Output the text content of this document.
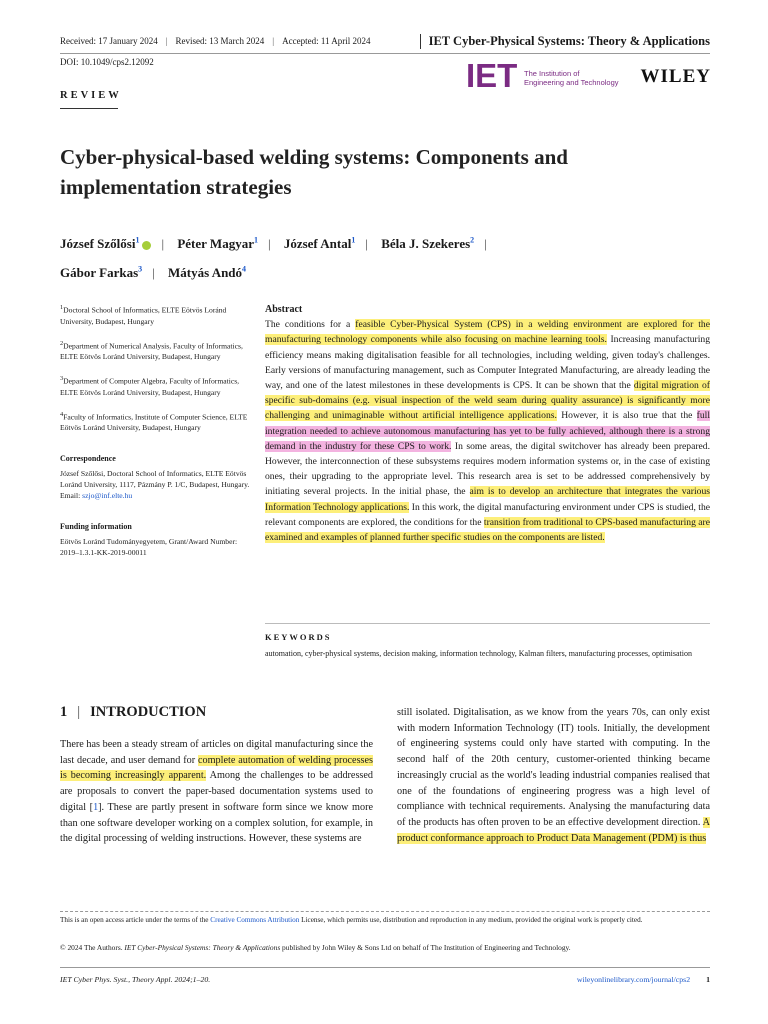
Received: 17 January 2024 | Revised: 13 March 2024 | Accepted: 11 April 2024	IET Cyber-Physical Systems: Theory & Applications
DOI: 10.1049/cps2.12092	IET The Institution of
Engineering and Technology WILEY
REVIEW
Cyber-physical-based welding systems: Components and implementation strategies
József Szőlősi$^1$ | Péter Magyar$^1$ | József Antal$^1$ | Béla J. Szekeres$^2$ |
Gábor Farkas$^3$ | Mátyás Andó$^4$

$^1$Doctoral School of Informatics, ELTE Eötvös Loránd University, Budapest, Hungary

$^2$Department of Numerical Analysis, Faculty of Informatics, ELTE Eötvös Loránd University, Budapest, Hungary

$^3$Department of Computer Algebra, Faculty of Informatics, ELTE Eötvös Loránd University, Budapest, Hungary

$^4$Faculty of Informatics, Institute of Computer Science, ELTE Eötvös Loránd University, Budapest, Hungary

Correspondence

József Szőlősi, Doctoral School of Informatics, ELTE Eötvös Loránd University, 1117, Pázmány P. 1/C, Budapest, Hungary.
Email: szjo@inf.elte.hu

Funding information

Eötvös Loránd Tudományegyetem, Grant/Award Number: 2019–1.3.1-KK-2019-00011

Abstract
The conditions for a feasible Cyber-Physical System (CPS) in a welding environment are explored for the manufacturing technology components while also focusing on machine learning tools. Increasing manufacturing efficiency means making digitalisation feasible for all technologies, including welding, given today's challenges. Early versions of manufacturing management, such as Computer Integrated Manufacturing, are already leading the way, and one of the latest milestones in these developments is CPS. It can be shown that the digital migration of specific sub-domains (e.g. visual inspection of the weld seam during quality assurance) is significantly more challenging and unimaginable without artificial intelligence applications. However, it is also true that the full integration needed to achieve autonomous manufacturing has yet to be fully achieved, although there is a strong demand in the industry for these CPS to work. In some areas, the digital switchover has already been prepared. However, the interconnection of these subsystems requires modern information systems or, in the case of existing ones, their upgrading to the appropriate level. This research area is set to be addressed comprehensively by initiating several projects. In the initial phase, the aim is to develop an architecture that integrates the various Information Technology applications. In this work, the digital manufacturing environment under CPS is studied, the relevant components are explored, the conditions for the transition from traditional to CPS-based manufacturing are examined and examples of planned further specific studies on the components are listed.
KEYWORDS
automation, cyber-physical systems, decision making, information technology, Kalman filters, manufacturing processes, optimisation
1 | INTRODUCTION
There has been a steady stream of articles on digital manufacturing since the last decade, and user demand for complete automation of welding processes is becoming increasingly apparent. Among the challenges to be addressed are proposals to convert the paper-based documentation systems used to digital [1]. These are partly present in software form since we know more than one software developer working on a complex solution, for example, in the digital processing of welding instructions. However, these systems are
still isolated. Digitalisation, as we know from the years 70s, can only exist with modern Information Technology (IT) tools. Initially, the development of engineering systems could only have started with computing. In the second half of the 20th century, customer-oriented thinking became increasingly crucial as the world's leading industrial companies realised that one of the foundations of engineering progress was a high level of compliance with technical requirements. Analysing the manufacturing data of the products has often proven to be an effective development direction. A product conformance approach to Product Data Management (PDM) is thus
This is an open access article under the terms of the Creative Commons Attribution License, which permits use, distribution and reproduction in any medium, provided the original work is properly cited.
© 2024 The Authors. IET Cyber-Physical Systems: Theory & Applications published by John Wiley & Sons Ltd on behalf of The Institution of Engineering and Technology.
IET Cyber Phys. Syst., Theory Appl. 2024;1–20.	wileyonlinelibrary.com/journal/cps2 1
